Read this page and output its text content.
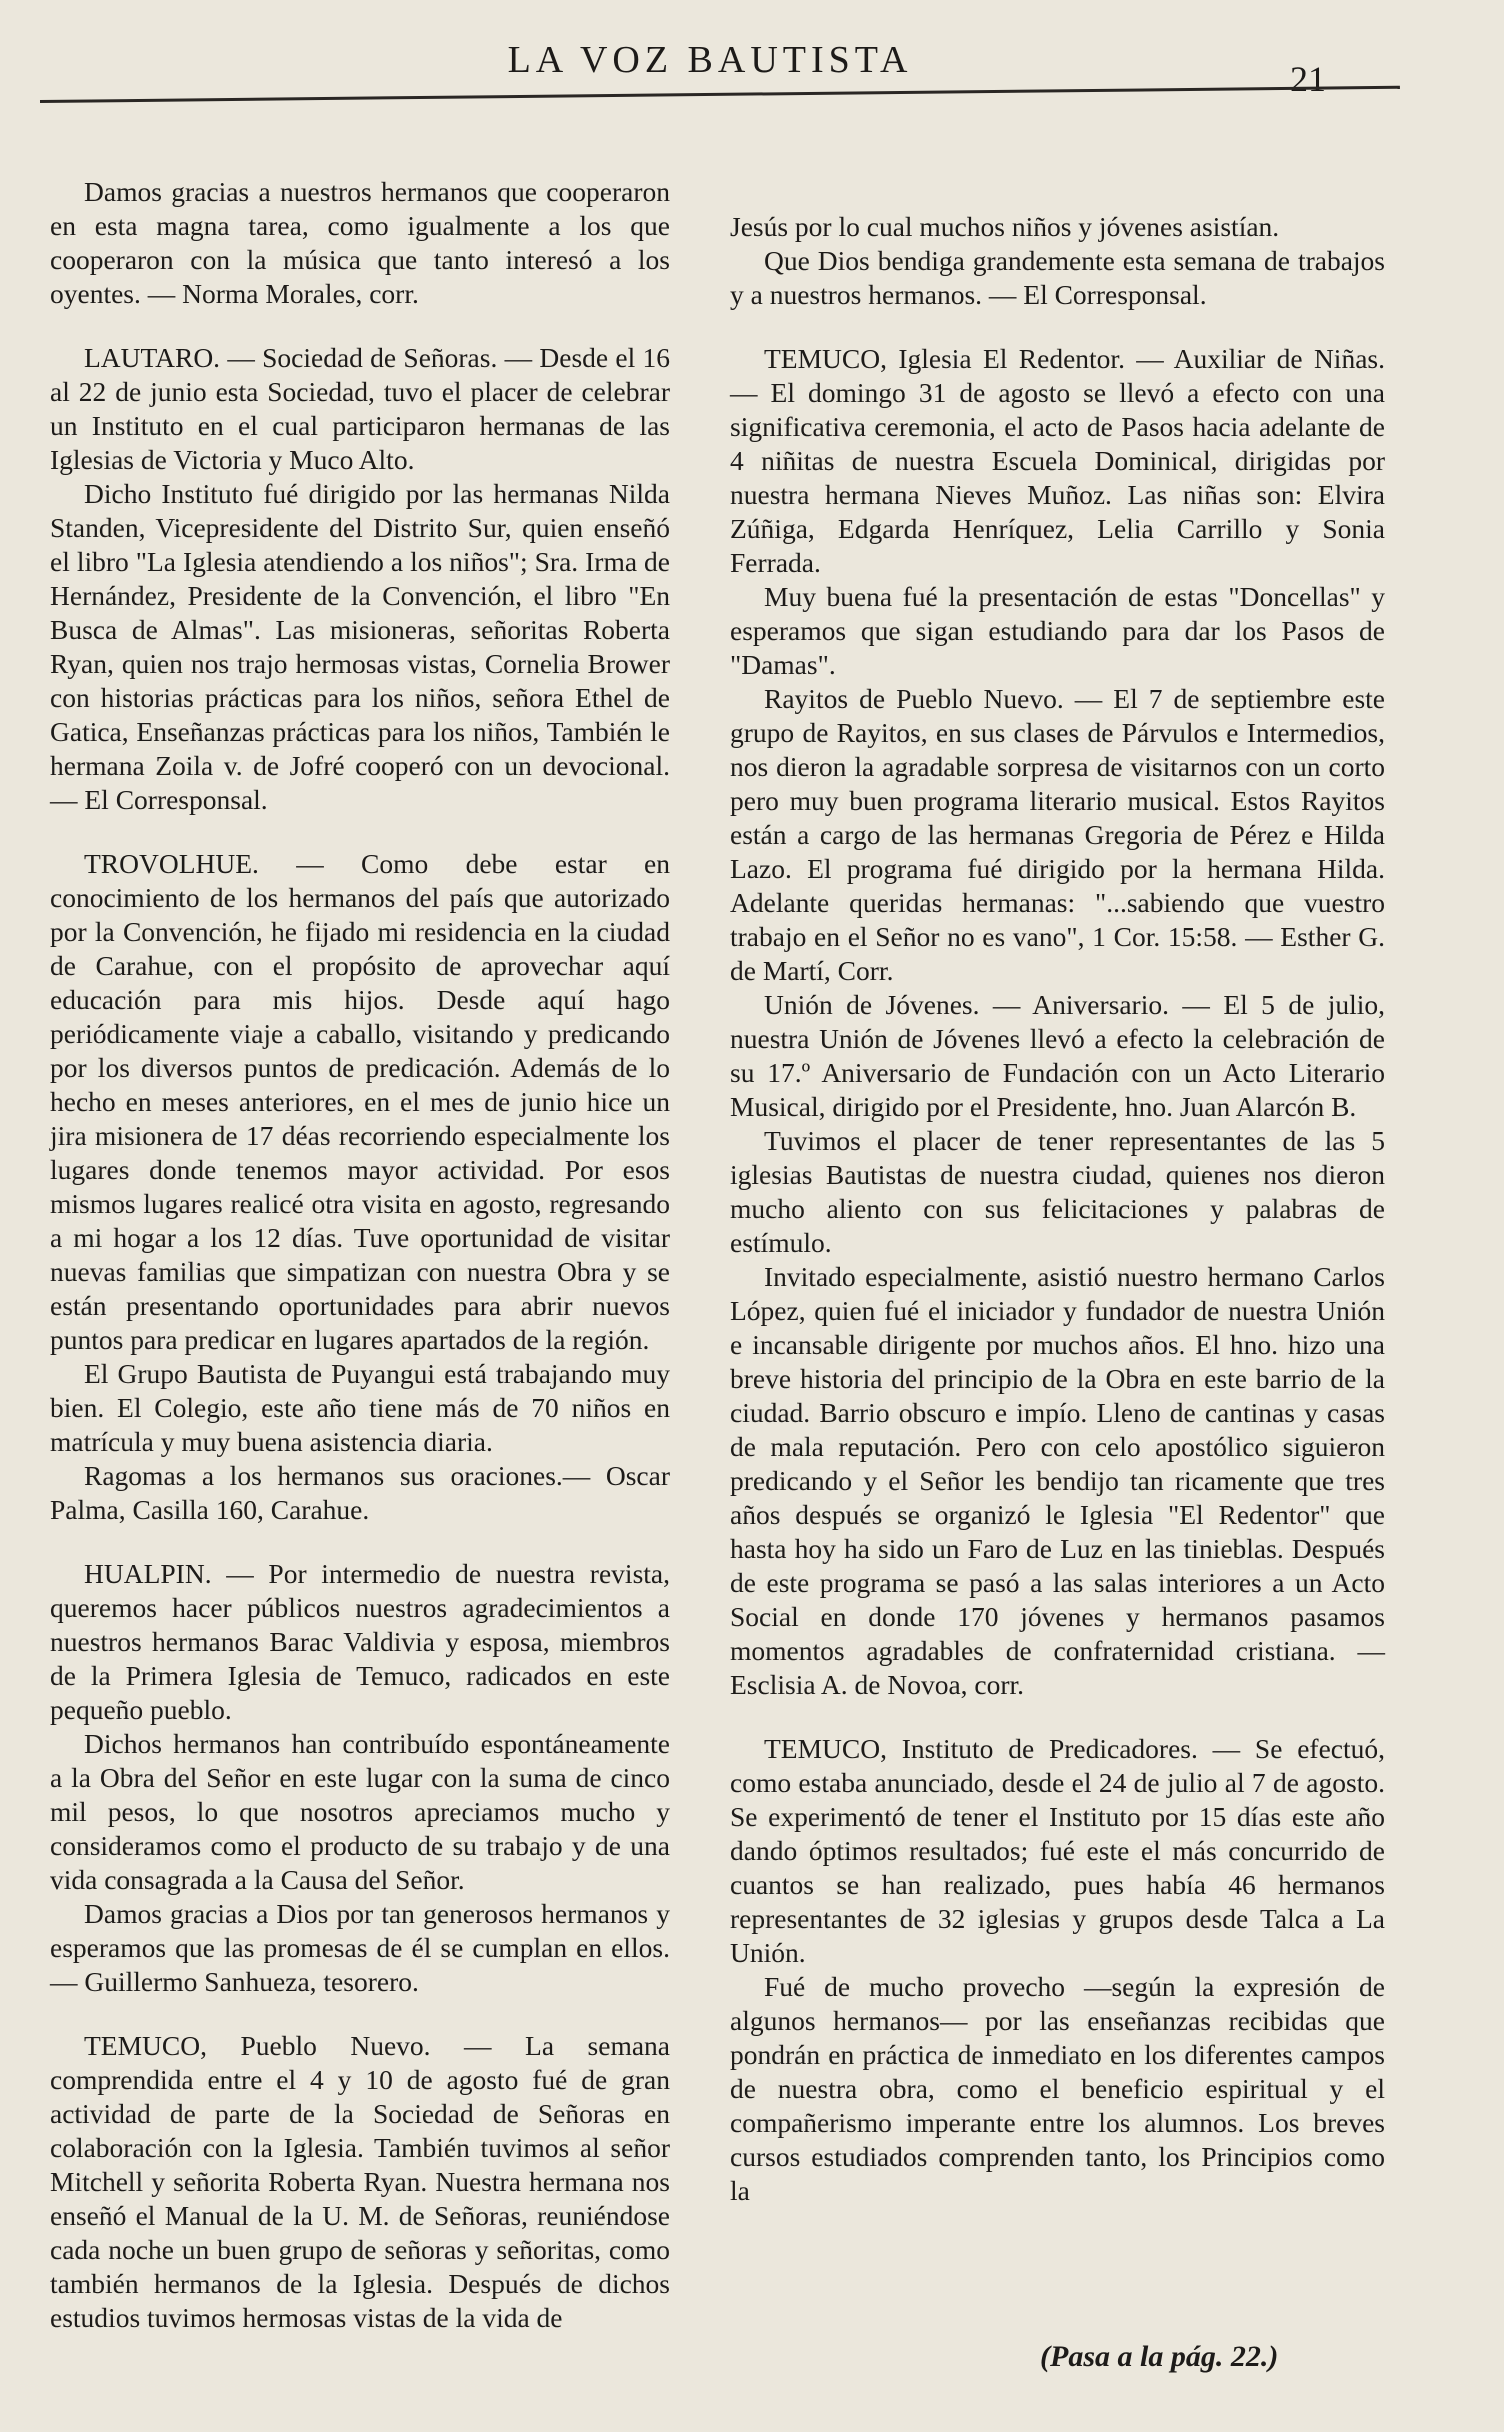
LA VOZ BAUTISTA	21

Damos gracias a nuestros hermanos que cooperaron en esta magna tarea, como igualmente a los que cooperaron con la música que tanto interesó a los oyentes. — Norma Morales, corr.

LAUTARO. — Sociedad de Señoras. — Desde el 16 al 22 de junio esta Sociedad, tuvo el placer de celebrar un Instituto en el cual participaron hermanas de las Iglesias de Victoria y Muco Alto.

Dicho Instituto fué dirigido por las hermanas Nilda Standen, Vicepresidente del Distrito Sur, quien enseñó el libro "La Iglesia atendiendo a los niños"; Sra. Irma de Hernández, Presidente de la Convención, el libro "En Busca de Almas". Las misioneras, señoritas Roberta Ryan, quien nos trajo hermosas vistas, Cornelia Brower con historias prácticas para los niños, señora Ethel de Gatica, Enseñanzas prácticas para los niños, También le hermana Zoila v. de Jofré cooperó con un devocional. — El Corresponsal.

TROVOLHUE. — Como debe estar en conocimiento de los hermanos del país que autorizado por la Convención, he fijado mi residencia en la ciudad de Carahue, con el propósito de aprovechar aquí educación para mis hijos. Desde aquí hago periódicamente viaje a caballo, visitando y predicando por los diversos puntos de predicación. Además de lo hecho en meses anteriores, en el mes de junio hice un jira misionera de 17 déas recorriendo especialmente los lugares donde tenemos mayor actividad. Por esos mismos lugares realicé otra visita en agosto, regresando a mi hogar a los 12 días. Tuve oportunidad de visitar nuevas familias que simpatizan con nuestra Obra y se están presentando oportunidades para abrir nuevos puntos para predicar en lugares apartados de la región.

El Grupo Bautista de Puyangui está trabajando muy bien. El Colegio, este año tiene más de 70 niños en matrícula y muy buena asistencia diaria.

Ragomas a los hermanos sus oraciones.— Oscar Palma, Casilla 160, Carahue.

HUALPIN. — Por intermedio de nuestra revista, queremos hacer públicos nuestros agradecimientos a nuestros hermanos Barac Valdivia y esposa, miembros de la Primera Iglesia de Temuco, radicados en este pequeño pueblo.

Dichos hermanos han contribuído espontáneamente a la Obra del Señor en este lugar con la suma de cinco mil pesos, lo que nosotros apreciamos mucho y consideramos como el producto de su trabajo y de una vida consagrada a la Causa del Señor.

Damos gracias a Dios por tan generosos hermanos y esperamos que las promesas de él se cumplan en ellos. — Guillermo Sanhueza, tesorero.

TEMUCO, Pueblo Nuevo. — La semana comprendida entre el 4 y 10 de agosto fué de gran actividad de parte de la Sociedad de Señoras en colaboración con la Iglesia. También tuvimos al señor Mitchell y señorita Roberta Ryan. Nuestra hermana nos enseñó el Manual de la U. M. de Señoras, reuniéndose cada noche un buen grupo de señoras y señoritas, como también hermanos de la Iglesia. Después de dichos estudios tuvimos hermosas vistas de la vida de

Jesús por lo cual muchos niños y jóvenes asistían.

Que Dios bendiga grandemente esta semana de trabajos y a nuestros hermanos. — El Corresponsal.

TEMUCO, Iglesia El Redentor. — Auxiliar de Niñas. — El domingo 31 de agosto se llevó a efecto con una significativa ceremonia, el acto de Pasos hacia adelante de 4 niñitas de nuestra Escuela Dominical, dirigidas por nuestra hermana Nieves Muñoz. Las niñas son: Elvira Zúñiga, Edgarda Henríquez, Lelia Carrillo y Sonia Ferrada.

Muy buena fué la presentación de estas "Doncellas" y esperamos que sigan estudiando para dar los Pasos de "Damas".

Rayitos de Pueblo Nuevo. — El 7 de septiembre este grupo de Rayitos, en sus clases de Párvulos e Intermedios, nos dieron la agradable sorpresa de visitarnos con un corto pero muy buen programa literario musical. Estos Rayitos están a cargo de las hermanas Gregoria de Pérez e Hilda Lazo. El programa fué dirigido por la hermana Hilda. Adelante queridas hermanas: "...sabiendo que vuestro trabajo en el Señor no es vano", 1 Cor. 15:58. — Esther G. de Martí, Corr.

Unión de Jóvenes. — Aniversario. — El 5 de julio, nuestra Unión de Jóvenes llevó a efecto la celebración de su 17.º Aniversario de Fundación con un Acto Literario Musical, dirigido por el Presidente, hno. Juan Alarcón B.

Tuvimos el placer de tener representantes de las 5 iglesias Bautistas de nuestra ciudad, quienes nos dieron mucho aliento con sus felicitaciones y palabras de estímulo.

Invitado especialmente, asistió nuestro hermano Carlos López, quien fué el iniciador y fundador de nuestra Unión e incansable dirigente por muchos años. El hno. hizo una breve historia del principio de la Obra en este barrio de la ciudad. Barrio obscuro e impío. Lleno de cantinas y casas de mala reputación. Pero con celo apostólico siguieron predicando y el Señor les bendijo tan ricamente que tres años después se organizó le Iglesia "El Redentor" que hasta hoy ha sido un Faro de Luz en las tinieblas. Después de este programa se pasó a las salas interiores a un Acto Social en donde 170 jóvenes y hermanos pasamos momentos agradables de confraternidad cristiana. — Esclisia A. de Novoa, corr.

TEMUCO, Instituto de Predicadores. — Se efectuó, como estaba anunciado, desde el 24 de julio al 7 de agosto. Se experimentó de tener el Instituto por 15 días este año dando óptimos resultados; fué este el más concurrido de cuantos se han realizado, pues había 46 hermanos representantes de 32 iglesias y grupos desde Talca a La Unión.

Fué de mucho provecho —según la expresión de algunos hermanos— por las enseñanzas recibidas que pondrán en práctica de inmediato en los diferentes campos de nuestra obra, como el beneficio espiritual y el compañerismo imperante entre los alumnos. Los breves cursos estudiados comprenden tanto, los Principios como la

(Pasa a la pág. 22.)
